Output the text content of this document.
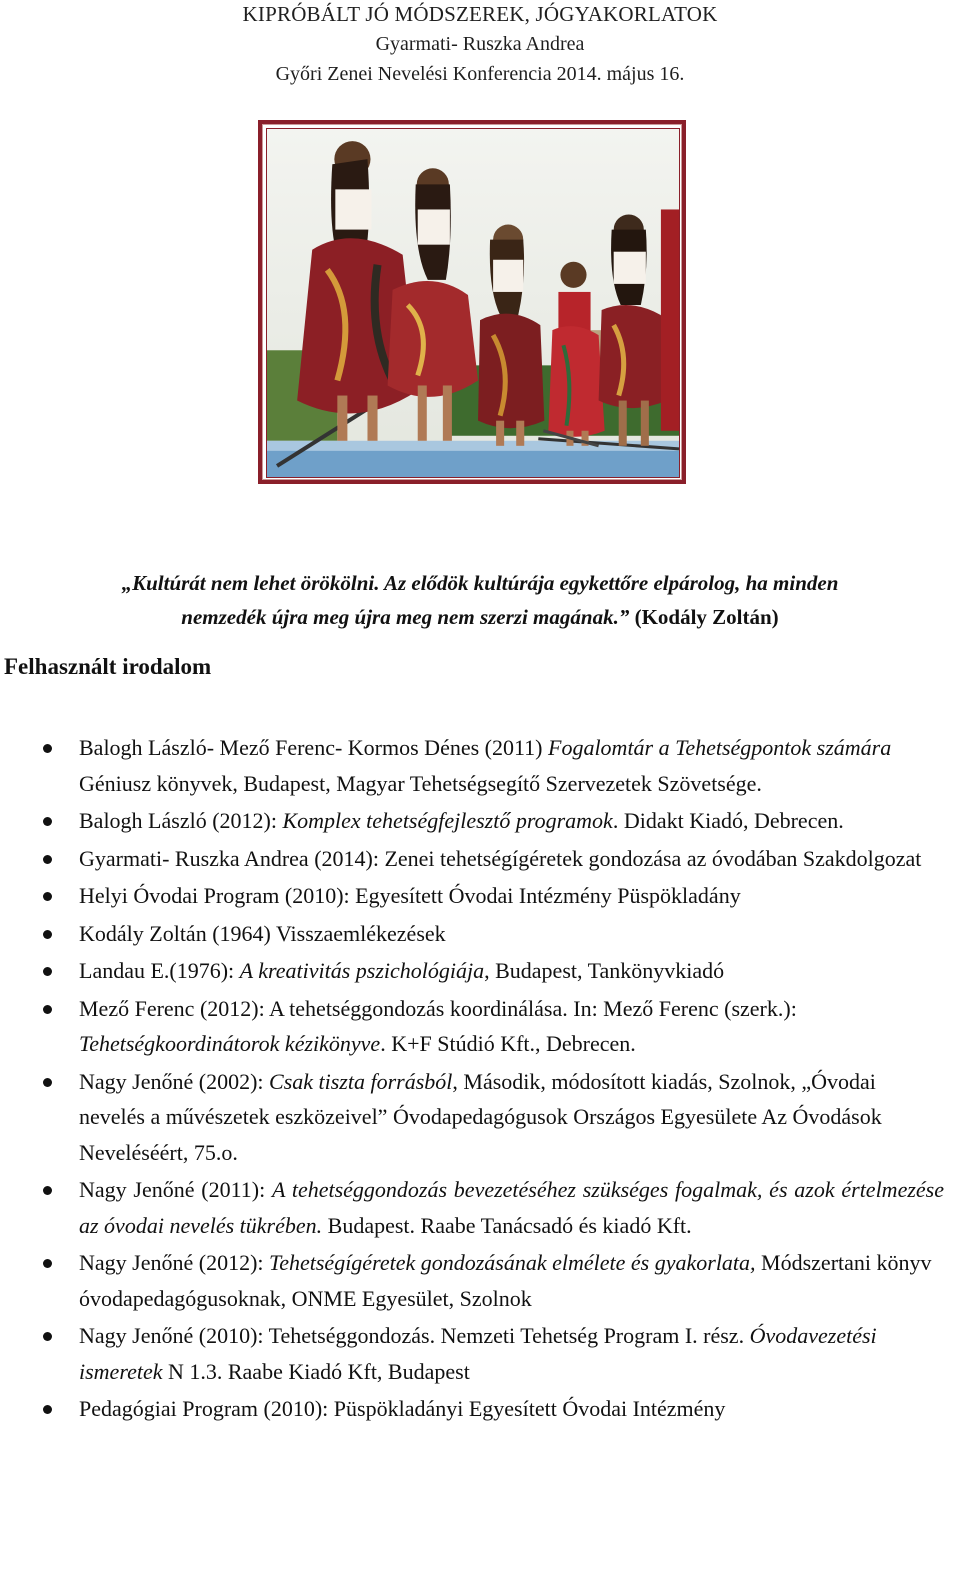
KIPRÓBÁLT JÓ MÓDSZEREK, JÓGYAKORLATOK
Gyarmati- Ruszka Andrea
Győri Zenei Nevelési Konferencia 2014. május 16.
„Kultúrát nem lehet örökölni. Az elődök kultúrája egykettőre elpárolog, ha minden
nemzedék újra meg újra meg nem szerzi magának.” (Kodály Zoltán)
Felhasznált irodalom
Balogh László- Mező Ferenc- Kormos Dénes (2011) Fogalomtár a Tehetségpontok számára Géniusz könyvek, Budapest, Magyar Tehetségsegítő Szervezetek Szövetsége.
Balogh László (2012): Komplex tehetségfejlesztő programok. Didakt Kiadó, Debrecen.
Gyarmati- Ruszka Andrea (2014): Zenei tehetségígéretek gondozása az óvodában Szakdolgozat
Helyi Óvodai Program (2010): Egyesített Óvodai Intézmény Püspökladány
Kodály Zoltán (1964) Visszaemlékezések
Landau E.(1976): A kreativitás pszichológiája, Budapest, Tankönyvkiadó
Mező Ferenc (2012): A tehetséggondozás koordinálása. In: Mező Ferenc (szerk.): Tehetségkoordinátorok kézikönyve. K+F Stúdió Kft., Debrecen.
Nagy Jenőné (2002): Csak tiszta forrásból, Második, módosított kiadás, Szolnok, „Óvodai nevelés a művészetek eszközeivel” Óvodapedagógusok Országos Egyesülete Az Óvodások Neveléséért, 75.o.
Nagy Jenőné (2011): A tehetséggondozás bevezetéséhez szükséges fogalmak, és azok értelmezése az óvodai nevelés tükrében. Budapest. Raabe Tanácsadó és kiadó Kft.
Nagy Jenőné (2012): Tehetségígéretek gondozásának elmélete és gyakorlata, Módszertani könyv óvodapedagógusoknak, ONME Egyesület, Szolnok
Nagy Jenőné (2010): Tehetséggondozás. Nemzeti Tehetség Program I. rész. Óvodavezetési ismeretek N 1.3. Raabe Kiadó Kft, Budapest
Pedagógiai Program (2010): Püspökladányi Egyesített Óvodai Intézmény
